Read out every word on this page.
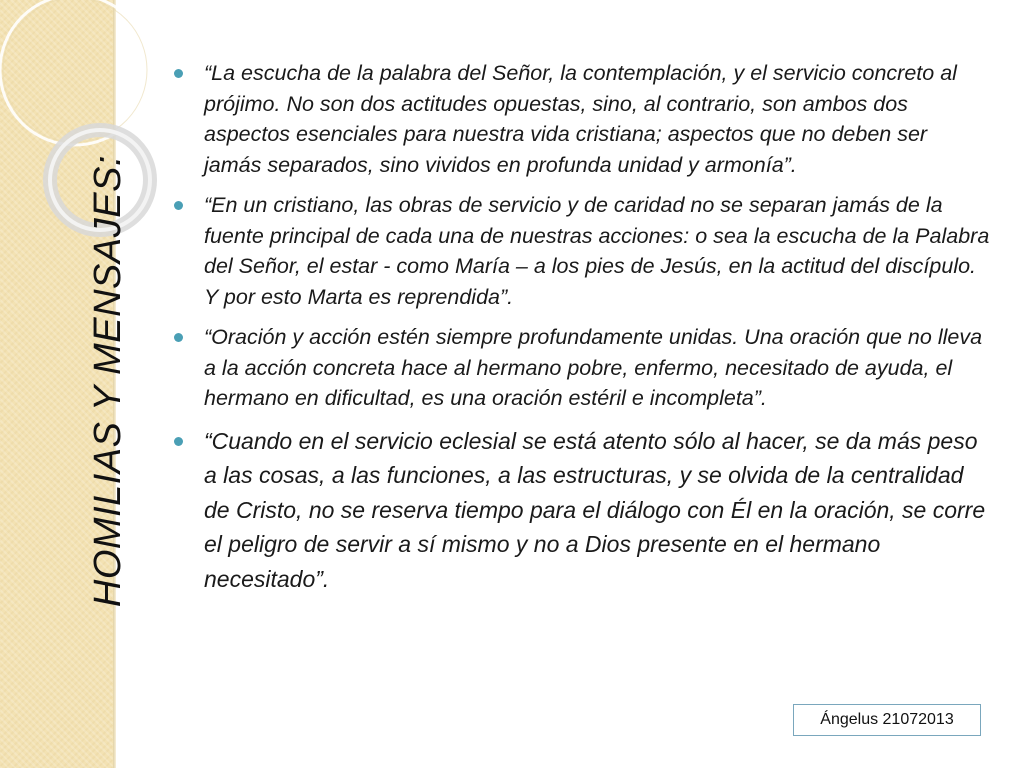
HOMILIAS Y MENSAJES:
“La escucha de la palabra del Señor, la contemplación, y el servicio concreto al prójimo. No son dos actitudes opuestas, sino, al contrario, son ambos dos aspectos esenciales para nuestra vida cristiana; aspectos que no deben ser jamás separados, sino vividos en profunda unidad y armonía”.
“En un cristiano, las obras de servicio y de caridad no se separan jamás de la fuente principal de cada una de nuestras acciones: o sea la escucha de la Palabra del Señor, el estar - como María – a los pies de Jesús, en la actitud del discípulo. Y por esto Marta es reprendida”.
“Oración y acción estén siempre profundamente unidas. Una oración que no lleva a la acción concreta hace al hermano pobre, enfermo, necesitado de ayuda, el hermano en dificultad, es una oración estéril e incompleta”.
“Cuando en el servicio eclesial se está atento sólo al hacer, se da más peso a las cosas, a las funciones, a las estructuras, y se olvida de la centralidad de Cristo, no se reserva tiempo para el diálogo con Él en la oración, se corre el peligro de servir a sí mismo y no a Dios presente en el hermano necesitado”.
Ángelus 21072013
